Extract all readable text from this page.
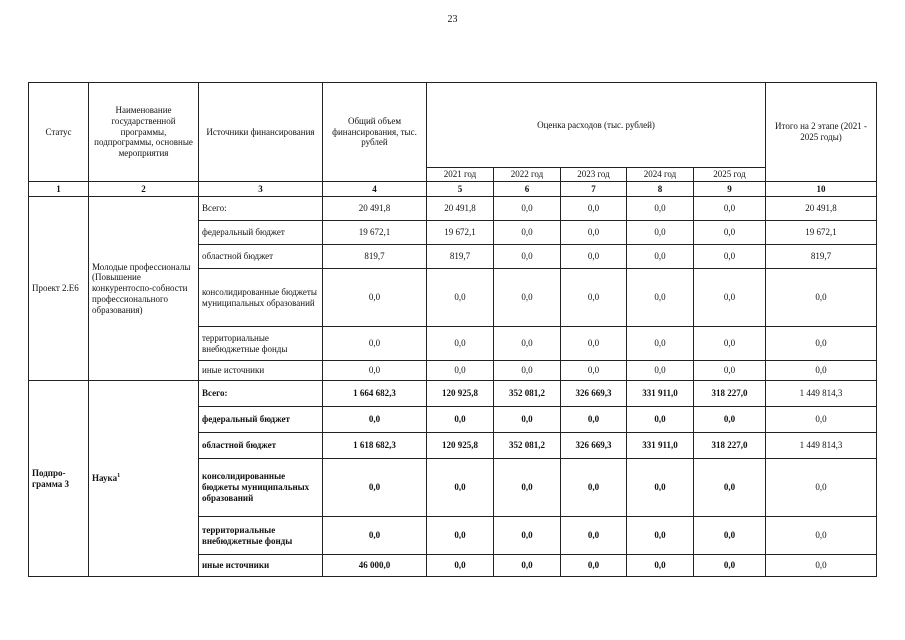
23
Статус	Наименование государственной программы, подпрограммы, основные мероприятия	Источники финансирования	Общий объем финансирования, тыс. рублей	Оценка расходов (тыс. рублей)					Итого на 2 этапе (2021 - 2025 годы)
				2021 год	2022 год	2023 год	2024 год	2025 год	
1	2	3	4	5	6	7	8	9	10
Проект 2.Е6	Молодые профессионалы (Повышение конкурентоспо-собности профессионального образования)	Всего:	20 491,8	20 491,8	0,0	0,0	0,0	0,0	20 491,8
		федеральный бюджет	19 672,1	19 672,1	0,0	0,0	0,0	0,0	19 672,1
		областной бюджет	819,7	819,7	0,0	0,0	0,0	0,0	819,7
		консолидированные бюджеты муниципальных образований	0,0	0,0	0,0	0,0	0,0	0,0	0,0
		территориальные внебюджетные фонды	0,0	0,0	0,0	0,0	0,0	0,0	0,0
		иные источники	0,0	0,0	0,0	0,0	0,0	0,0	0,0
Подпро-грамма 3	Наука$^1$	Всего:	1 664 682,3	120 925,8	352 081,2	326 669,3	331 911,0	318 227,0	1 449 814,3
		федеральный бюджет	0,0	0,0	0,0	0,0	0,0	0,0	0,0
		областной бюджет	1 618 682,3	120 925,8	352 081,2	326 669,3	331 911,0	318 227,0	1 449 814,3
		консолидированные бюджеты муниципальных образований	0,0	0,0	0,0	0,0	0,0	0,0	0,0
		территориальные внебюджетные фонды	0,0	0,0	0,0	0,0	0,0	0,0	0,0
		иные источники	46 000,0	0,0	0,0	0,0	0,0	0,0	0,0
